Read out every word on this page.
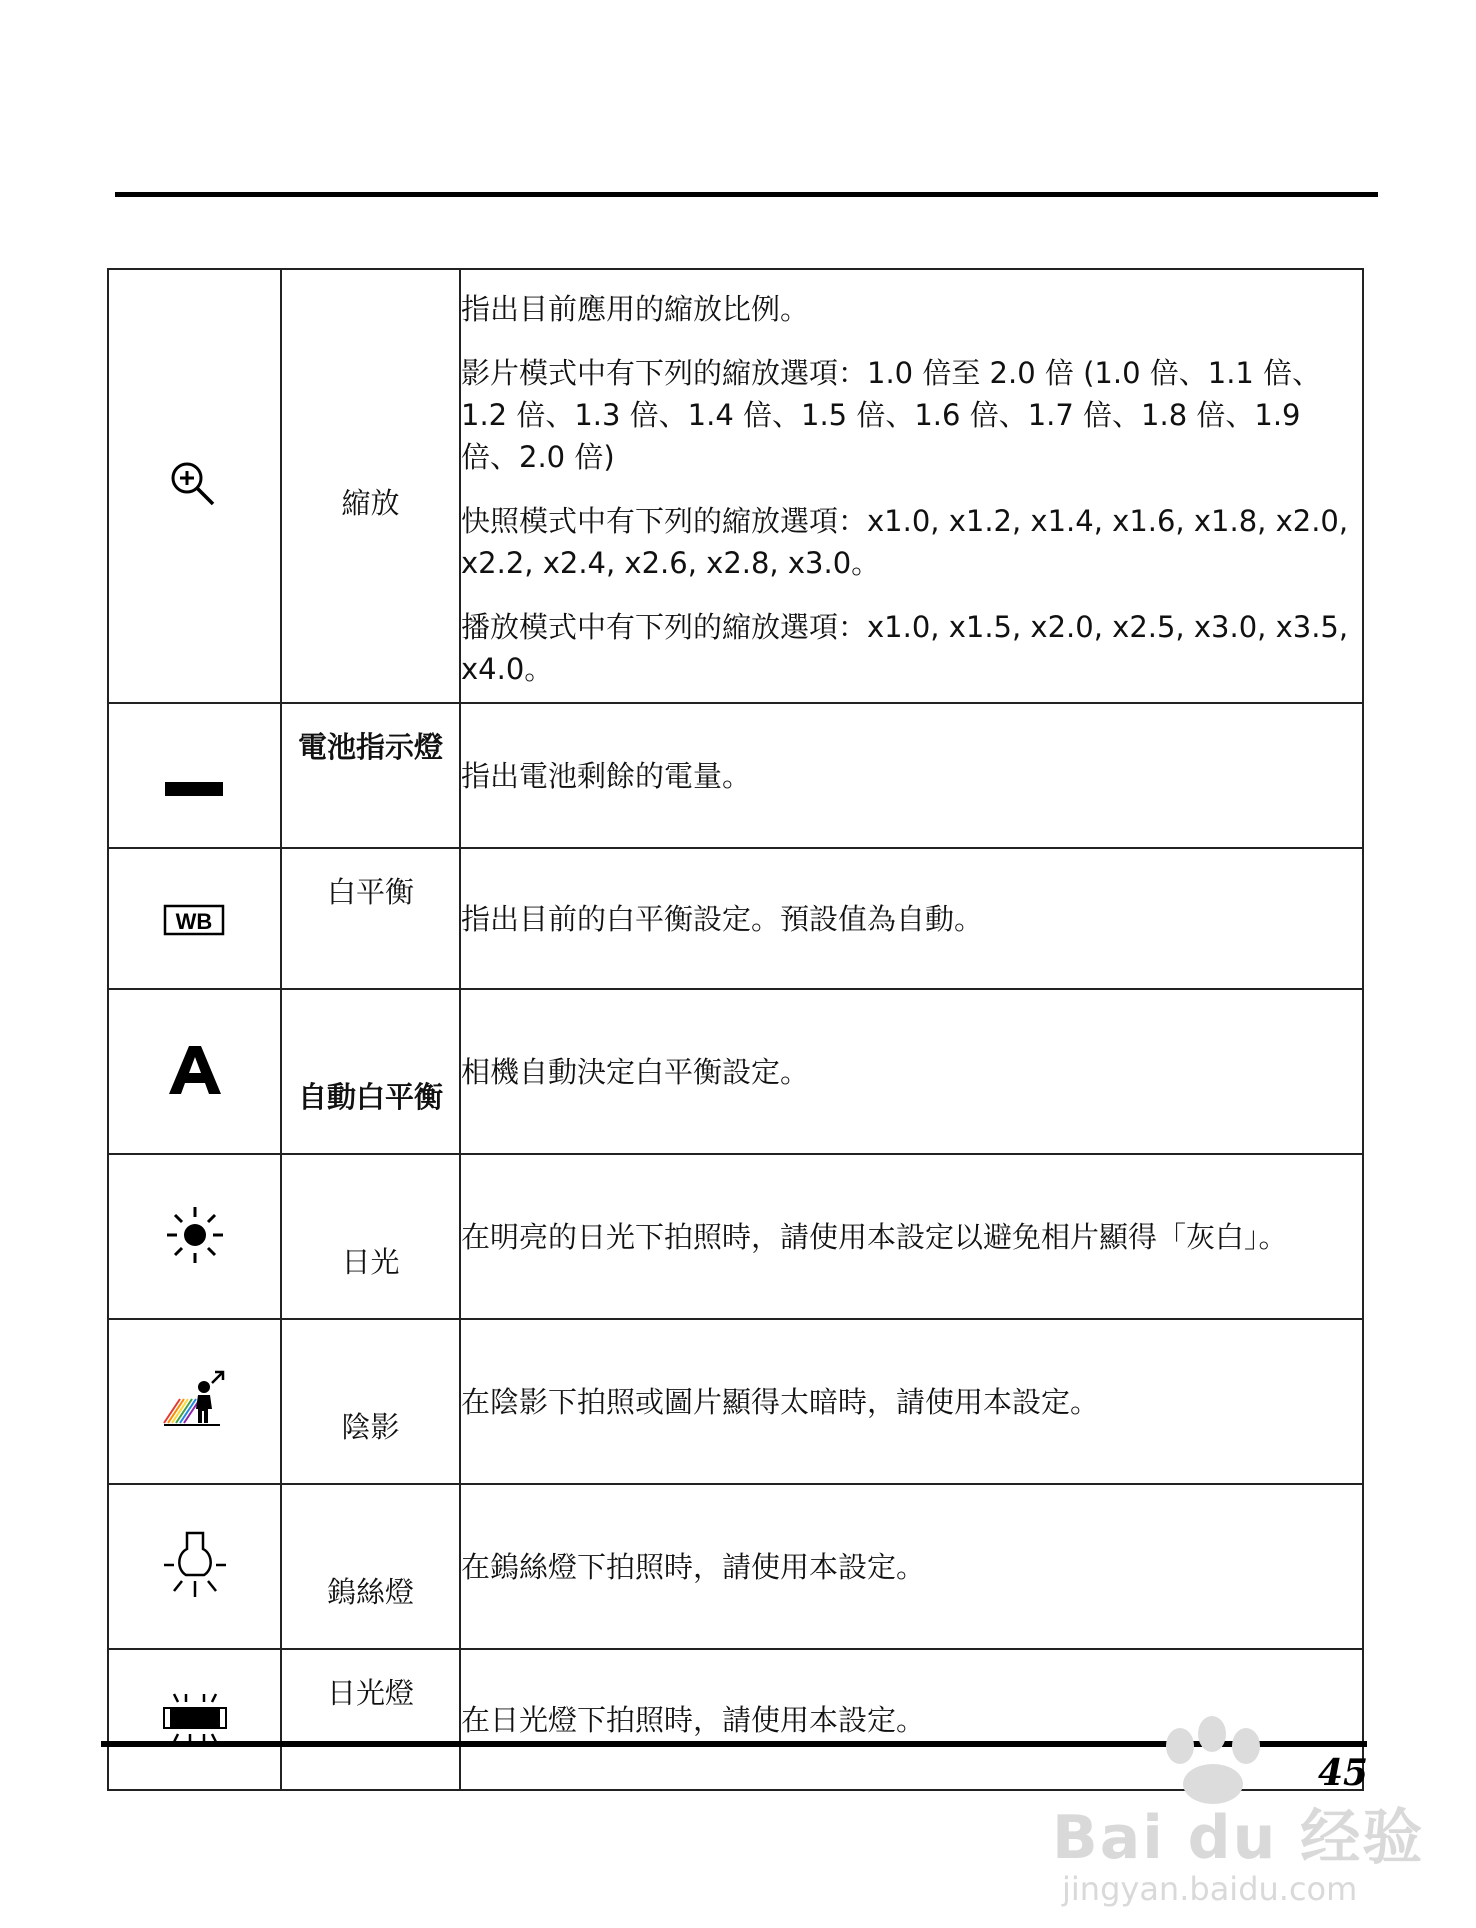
	縮放	指出目前應用的縮放比例。

影片模式中有下列的縮放選項：1.0 倍至 2.0 倍 (1.0 倍、1.1 倍、1.2 倍、1.3 倍、1.4 倍、1.5 倍、1.6 倍、1.7 倍、1.8 倍、1.9 倍、2.0 倍)

快照模式中有下列的縮放選項：x1.0, x1.2, x1.4, x1.6, x1.8, x2.0, x2.2, x2.4, x2.6, x2.8, x3.0。

播放模式中有下列的縮放選項：x1.0, x1.5, x2.0, x2.5, x3.0, x3.5, x4.0。

	電池指示燈	指出電池剩餘的電量。

WB	白平衡	指出目前的白平衡設定。預設值為自動。
	自動白平衡	相機自動決定白平衡設定。
	日光	在明亮的日光下拍照時，請使用本設定以避免相片顯得「灰白」。
	陰影	在陰影下拍照或圖片顯得太暗時，請使用本設定。
	鎢絲燈	在鎢絲燈下拍照時，請使用本設定。
	日光燈	在日光燈下拍照時，請使用本設定。
Bai du 经验
jingyan.baidu.com
45
